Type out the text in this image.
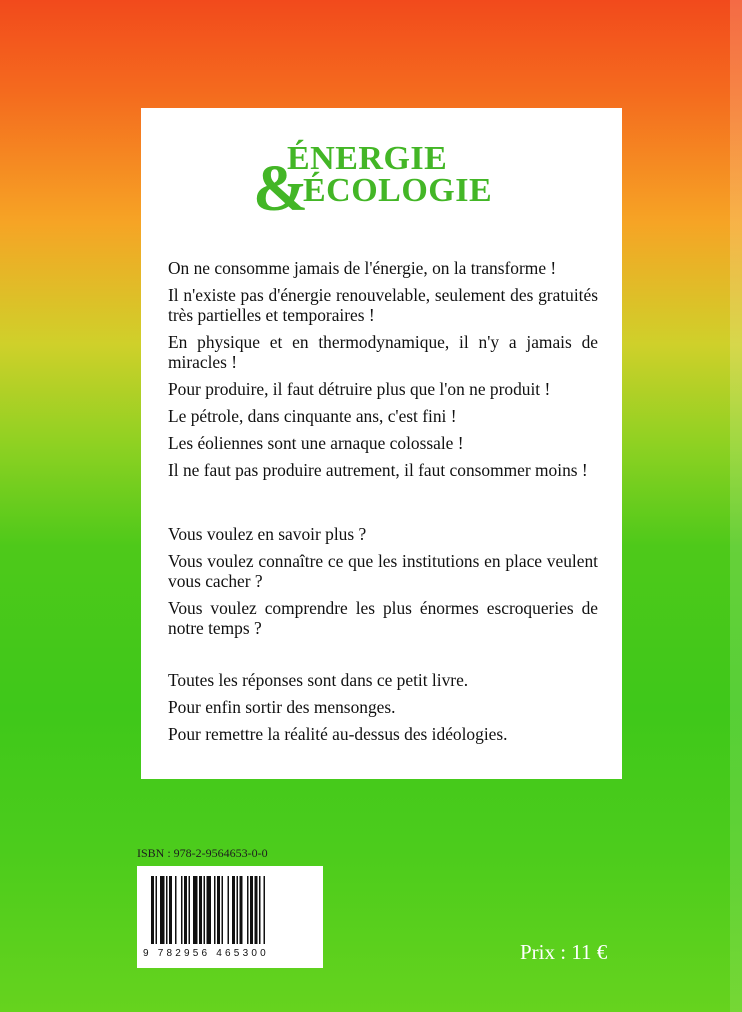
&
ÉNERGIE
ÉCOLOGIE

On ne consomme jamais de l'énergie, on la transforme !

Il n'existe pas d'énergie renouvelable, seulement des gratuités très partielles et temporaires !

En physique et en thermodynamique, il n'y a jamais de miracles !

Pour produire, il faut détruire plus que l'on ne produit !

Le pétrole, dans cinquante ans, c'est fini !

Les éoliennes sont une arnaque colossale !

Il ne faut pas produire autrement, il faut consommer moins !

Vous voulez en savoir plus ?

Vous voulez connaître ce que les institutions en place veulent vous cacher ?

Vous voulez comprendre les plus énormes escroqueries de notre temps ?

Toutes les réponses sont dans ce petit livre.

Pour enfin sortir des mensonges.

Pour remettre la réalité au-dessus des idéologies.

ISBN : 978-2-9564653-0-0
9 782956 465300	Prix : 11 €
